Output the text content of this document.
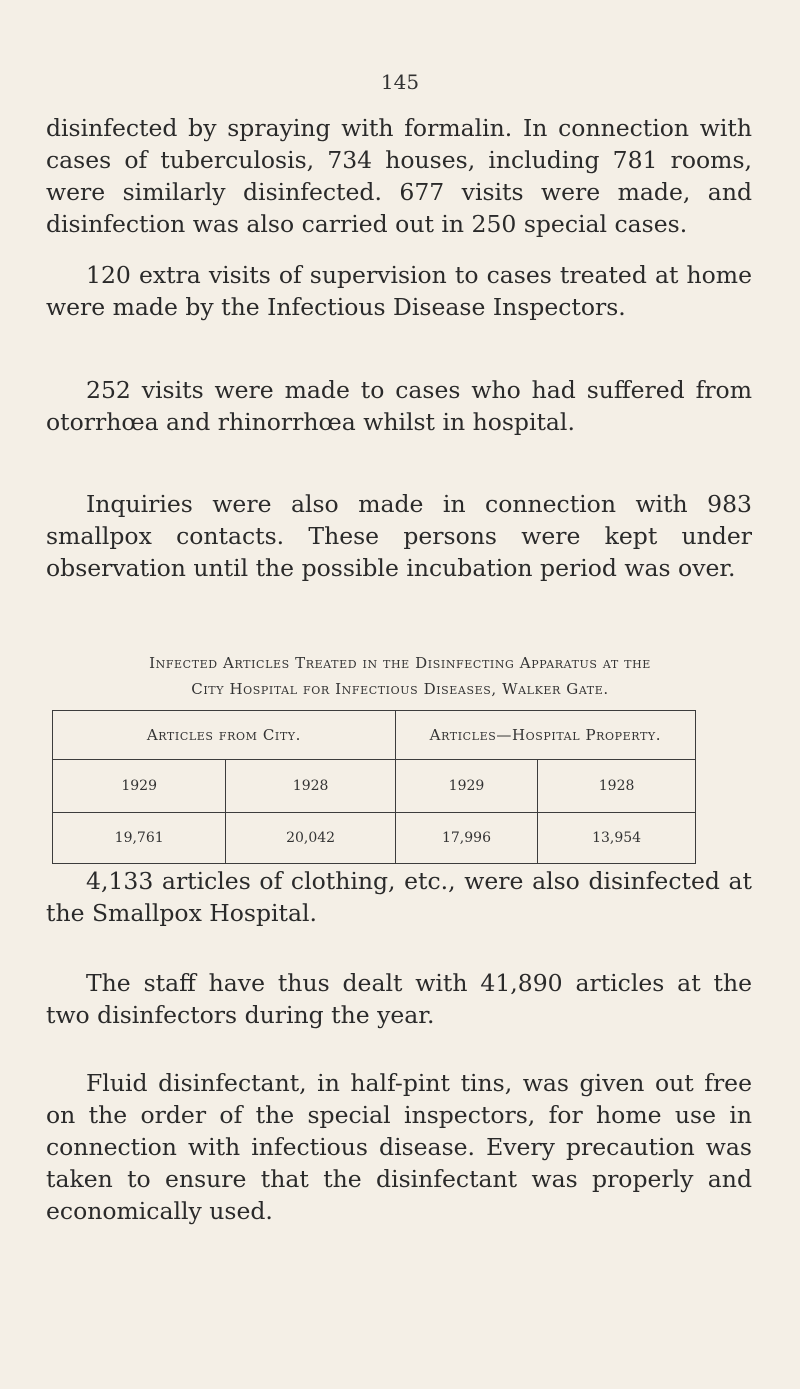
145

disinfected by spraying with formalin. In connection with cases of tuberculosis, 734 houses, including 781 rooms, were similarly disinfected. 677 visits were made, and disinfection was also carried out in 250 special cases.

120 extra visits of supervision to cases treated at home were made by the Infectious Disease Inspectors.

252 visits were made to cases who had suffered from otorrhœa and rhinorrhœa whilst in hospital.

Inquiries were also made in connection with 983 smallpox contacts. These persons were kept under observation until the possible incubation period was over.

Infected Articles Treated in the Disinfecting Apparatus at the
City Hospital for Infectious Diseases, Walker Gate.
Articles from City.		Articles—Hospital Property.	
1929	1928	1929	1928
19,761	20,042	17,996	13,954

4,133 articles of clothing, etc., were also disinfected at the Smallpox Hospital.

The staff have thus dealt with 41,890 articles at the two disinfectors during the year.

Fluid disinfectant, in half-pint tins, was given out free on the order of the special inspectors, for home use in connection with infectious disease. Every precaution was taken to ensure that the disinfectant was properly and economically used.
